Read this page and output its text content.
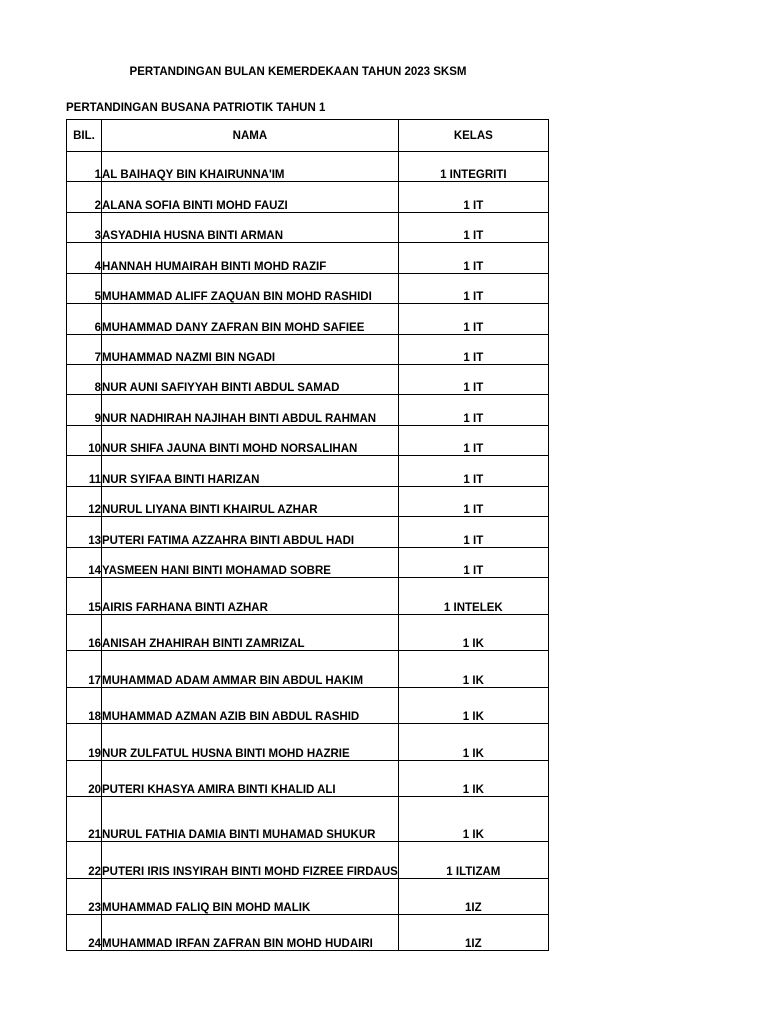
PERTANDINGAN BULAN KEMERDEKAAN TAHUN 2023 SKSM
PERTANDINGAN BUSANA PATRIOTIK TAHUN 1
BIL.	NAMA	KELAS
1	AL BAIHAQY BIN KHAIRUNNA'IM	1 INTEGRITI
2	ALANA SOFIA BINTI MOHD FAUZI	1 IT
3	ASYADHIA HUSNA BINTI ARMAN	1 IT
4	HANNAH HUMAIRAH BINTI MOHD RAZIF	1 IT
5	MUHAMMAD ALIFF ZAQUAN BIN MOHD RASHIDI	1 IT
6	MUHAMMAD DANY ZAFRAN BIN MOHD SAFIEE	1 IT
7	MUHAMMAD NAZMI BIN NGADI	1 IT
8	NUR AUNI SAFIYYAH BINTI ABDUL SAMAD	1 IT
9	NUR NADHIRAH NAJIHAH BINTI ABDUL RAHMAN	1 IT
10	NUR SHIFA JAUNA BINTI MOHD NORSALIHAN	1 IT
11	NUR SYIFAA BINTI HARIZAN	1 IT
12	NURUL LIYANA BINTI KHAIRUL AZHAR	1 IT
13	PUTERI FATIMA AZZAHRA BINTI ABDUL HADI	1 IT
14	YASMEEN HANI BINTI MOHAMAD SOBRE	1 IT
15	AIRIS FARHANA BINTI AZHAR	1 INTELEK
16	ANISAH ZHAHIRAH BINTI ZAMRIZAL	1 IK
17	MUHAMMAD ADAM AMMAR BIN ABDUL HAKIM	1 IK
18	MUHAMMAD AZMAN AZIB BIN ABDUL RASHID	1 IK
19	NUR ZULFATUL HUSNA BINTI MOHD HAZRIE	1 IK
20	PUTERI KHASYA AMIRA BINTI KHALID ALI	1 IK
21	NURUL FATHIA DAMIA BINTI MUHAMAD SHUKUR	1 IK
22	PUTERI IRIS INSYIRAH BINTI MOHD FIZREE FIRDAUS	1 ILTIZAM
23	MUHAMMAD FALIQ BIN MOHD MALIK	1IZ
24	MUHAMMAD IRFAN ZAFRAN BIN MOHD HUDAIRI	1IZ
